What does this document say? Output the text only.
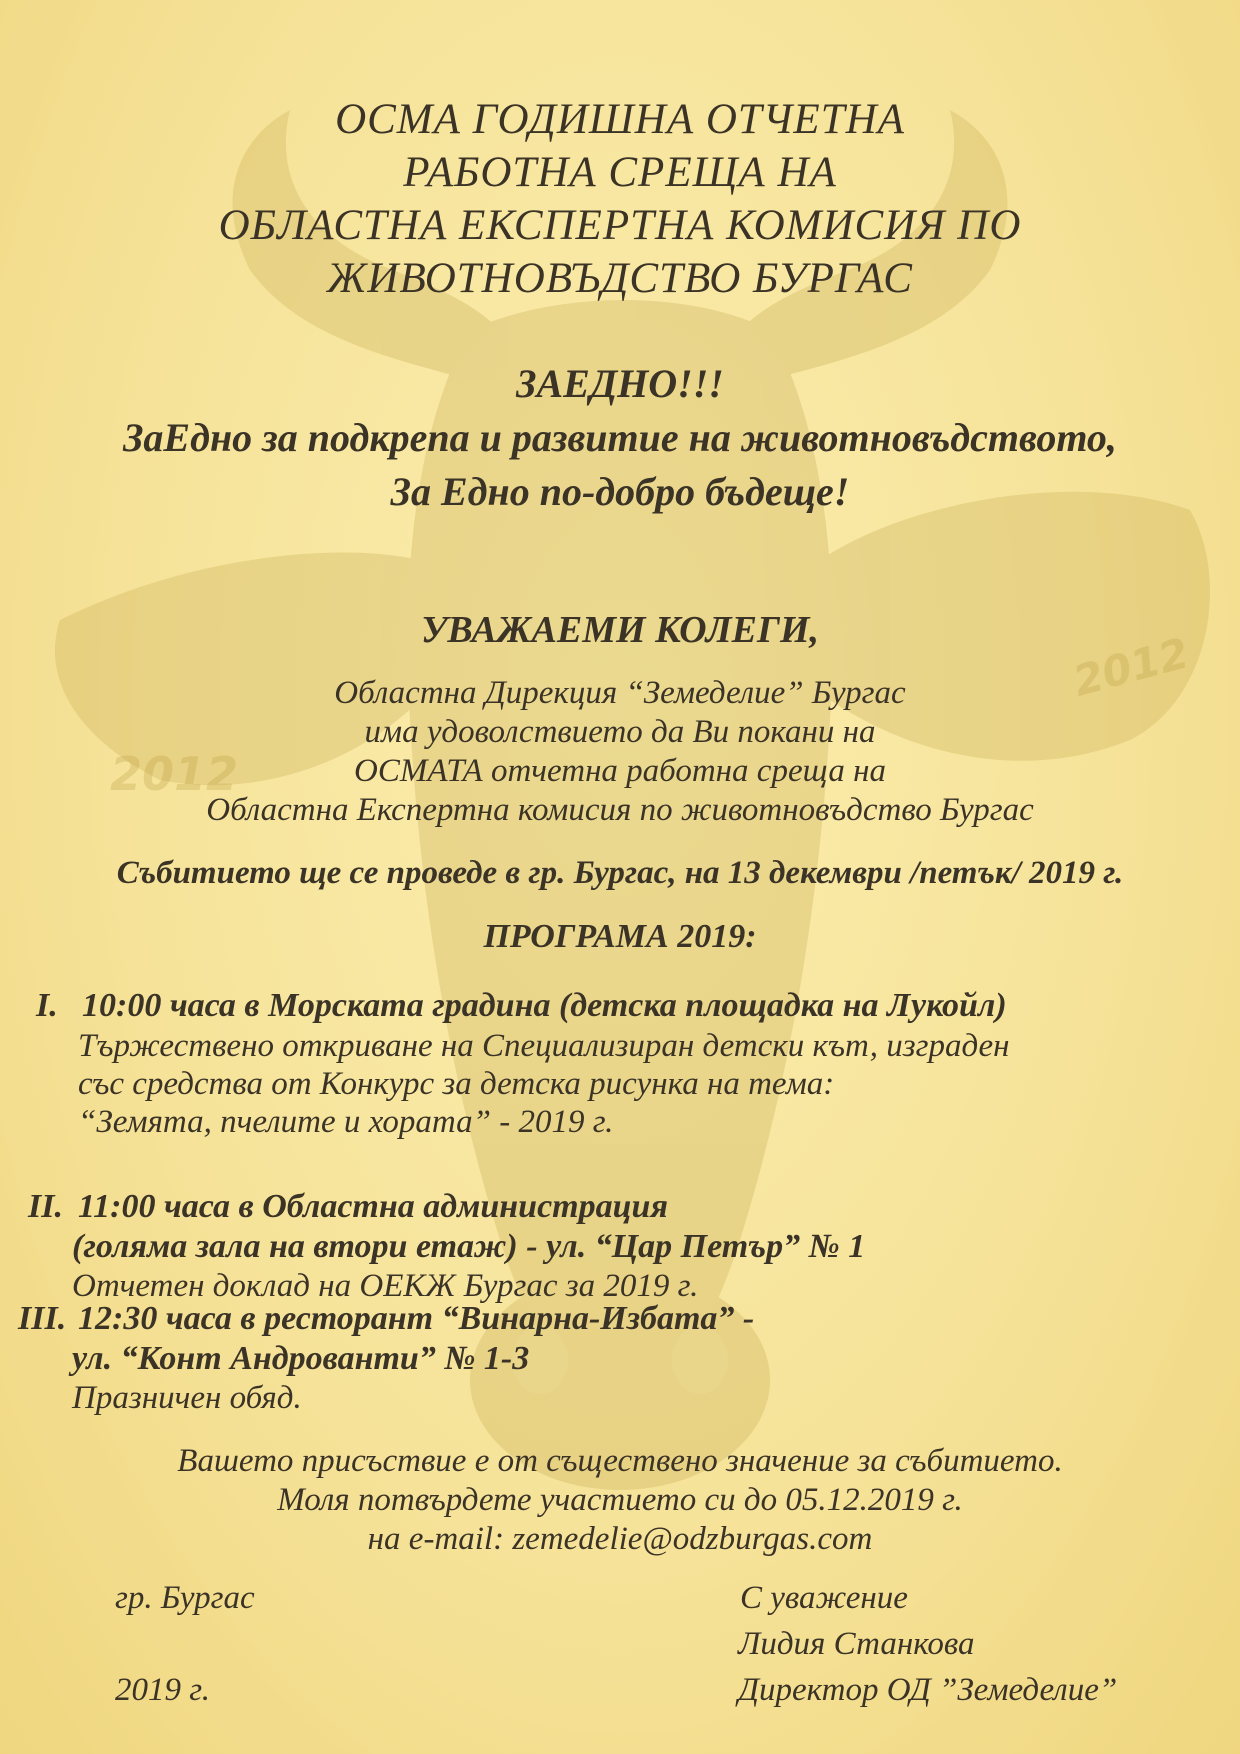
2012
2012
ОСМА ГОДИШНА ОТЧЕТНА
РАБОТНА СРЕЩА НА
ОБЛАСТНА ЕКСПЕРТНА КОМИСИЯ ПО
ЖИВОТНОВЪДСТВО БУРГАС
ЗАЕДНО!!!
ЗаЕдно за подкрепа и развитие на животновъдството,
За Едно по-добро бъдеще!
УВАЖАЕМИ КОЛЕГИ,
Областна Дирекция “Земеделие” Бургас
има удоволствието да Ви покани на
ОСМАТА отчетна работна среща на
Областна Експертна комисия по животновъдство Бургас
Събитието ще се проведе в гр. Бургас, на 13 декември /петък/ 2019 г.
ПРОГРАМА 2019:
I. 10:00 часа в Морската градина (детска площадка на Лукойл)
Тържествено откриване на Специализиран детски кът, изграден
със средства от Конкурс за детска рисунка на тема:
“Земята, пчелите и хората” - 2019 г.
II. 11:00 часа в Областна администрация
(голяма зала на втори етаж) - ул. “Цар Петър” № 1
Отчетен доклад на ОЕКЖ Бургас за 2019 г.
III. 12:30 часа в ресторант “Винарна-Избата” -
ул. “Конт Андрованти” № 1-3
Празничен обяд.
Вашето присъствие е от съществено значение за събитието.
Моля потвърдете участието си до 05.12.2019 г.
на e-mail: zemedelie@odzburgas.com
гр. Бургас
2019 г.
С уважение
Лидия Станкова
Директор ОД ”Земеделие”
